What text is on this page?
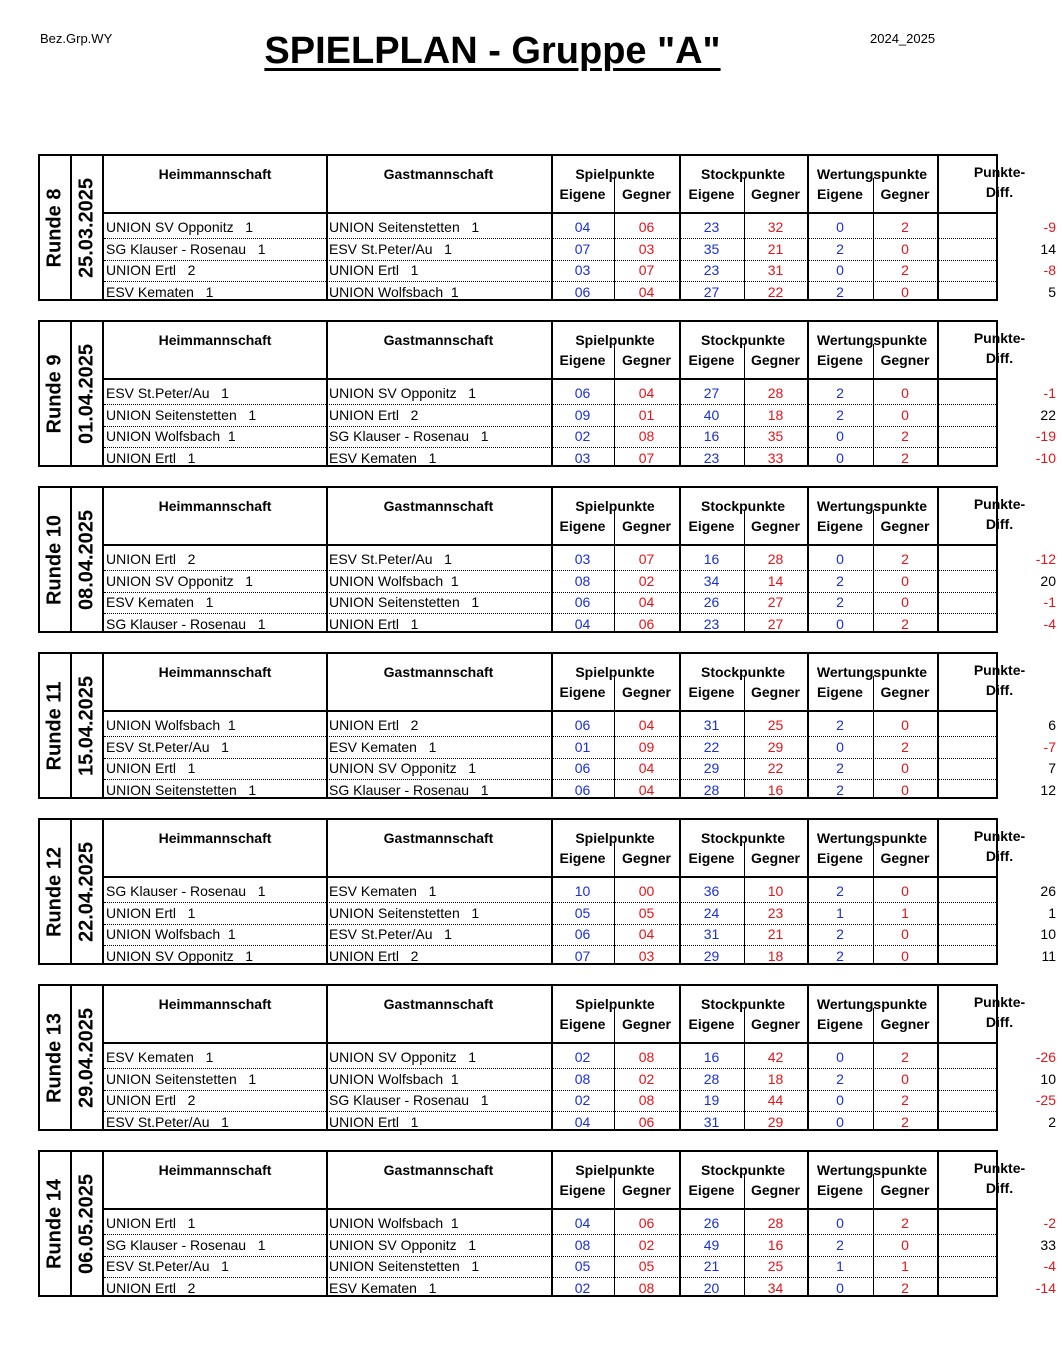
Bez.Grp.WY	SPIELPLAN - Gruppe "A"	2024_2025
Runde 8 25.03.2025
Heimmannschaft	Gastmannschaft	Spielpunkte	Stockpunkte	Wertungspunkte	Punkte-
Diff.
Eigene	Gegner	Eigene	Gegner	Eigene	Gegner
UNION SV Opponitz   1	UNION Seitenstetten   1	04	06	23	32	0	2	-9
SG Klauser - Rosenau   1	ESV St.Peter/Au   1	07	03	35	21	2	0	14
UNION Ertl   2	UNION Ertl   1	03	07	23	31	0	2	-8
ESV Kematen   1	UNION Wolfsbach  1	06	04	27	22	2	0	5
Runde 9 01.04.2025
Heimmannschaft	Gastmannschaft	Spielpunkte	Stockpunkte	Wertungspunkte	Punkte-
Diff.
Eigene	Gegner	Eigene	Gegner	Eigene	Gegner
ESV St.Peter/Au   1	UNION SV Opponitz   1	06	04	27	28	2	0	-1
UNION Seitenstetten   1	UNION Ertl   2	09	01	40	18	2	0	22
UNION Wolfsbach  1	SG Klauser - Rosenau   1	02	08	16	35	0	2	-19
UNION Ertl   1	ESV Kematen   1	03	07	23	33	0	2	-10
Runde 10 08.04.2025
Heimmannschaft	Gastmannschaft	Spielpunkte	Stockpunkte	Wertungspunkte	Punkte-
Diff.
Eigene	Gegner	Eigene	Gegner	Eigene	Gegner
UNION Ertl   2	ESV St.Peter/Au   1	03	07	16	28	0	2	-12
UNION SV Opponitz   1	UNION Wolfsbach  1	08	02	34	14	2	0	20
ESV Kematen   1	UNION Seitenstetten   1	06	04	26	27	2	0	-1
SG Klauser - Rosenau   1	UNION Ertl   1	04	06	23	27	0	2	-4
Runde 11 15.04.2025
Heimmannschaft	Gastmannschaft	Spielpunkte	Stockpunkte	Wertungspunkte	Punkte-
Diff.
Eigene	Gegner	Eigene	Gegner	Eigene	Gegner
UNION Wolfsbach  1	UNION Ertl   2	06	04	31	25	2	0	6
ESV St.Peter/Au   1	ESV Kematen   1	01	09	22	29	0	2	-7
UNION Ertl   1	UNION SV Opponitz   1	06	04	29	22	2	0	7
UNION Seitenstetten   1	SG Klauser - Rosenau   1	06	04	28	16	2	0	12
Runde 12 22.04.2025
Heimmannschaft	Gastmannschaft	Spielpunkte	Stockpunkte	Wertungspunkte	Punkte-
Diff.
Eigene	Gegner	Eigene	Gegner	Eigene	Gegner
SG Klauser - Rosenau   1	ESV Kematen   1	10	00	36	10	2	0	26
UNION Ertl   1	UNION Seitenstetten   1	05	05	24	23	1	1	1
UNION Wolfsbach  1	ESV St.Peter/Au   1	06	04	31	21	2	0	10
UNION SV Opponitz   1	UNION Ertl   2	07	03	29	18	2	0	11
Runde 13 29.04.2025
Heimmannschaft	Gastmannschaft	Spielpunkte	Stockpunkte	Wertungspunkte	Punkte-
Diff.
Eigene	Gegner	Eigene	Gegner	Eigene	Gegner
ESV Kematen   1	UNION SV Opponitz   1	02	08	16	42	0	2	-26
UNION Seitenstetten   1	UNION Wolfsbach  1	08	02	28	18	2	0	10
UNION Ertl   2	SG Klauser - Rosenau   1	02	08	19	44	0	2	-25
ESV St.Peter/Au   1	UNION Ertl   1	04	06	31	29	0	2	2
Runde 14 06.05.2025
Heimmannschaft	Gastmannschaft	Spielpunkte	Stockpunkte	Wertungspunkte	Punkte-
Diff.
Eigene	Gegner	Eigene	Gegner	Eigene	Gegner
UNION Ertl   1	UNION Wolfsbach  1	04	06	26	28	0	2	-2
SG Klauser - Rosenau   1	UNION SV Opponitz   1	08	02	49	16	2	0	33
ESV St.Peter/Au   1	UNION Seitenstetten   1	05	05	21	25	1	1	-4
UNION Ertl   2	ESV Kematen   1	02	08	20	34	0	2	-14
